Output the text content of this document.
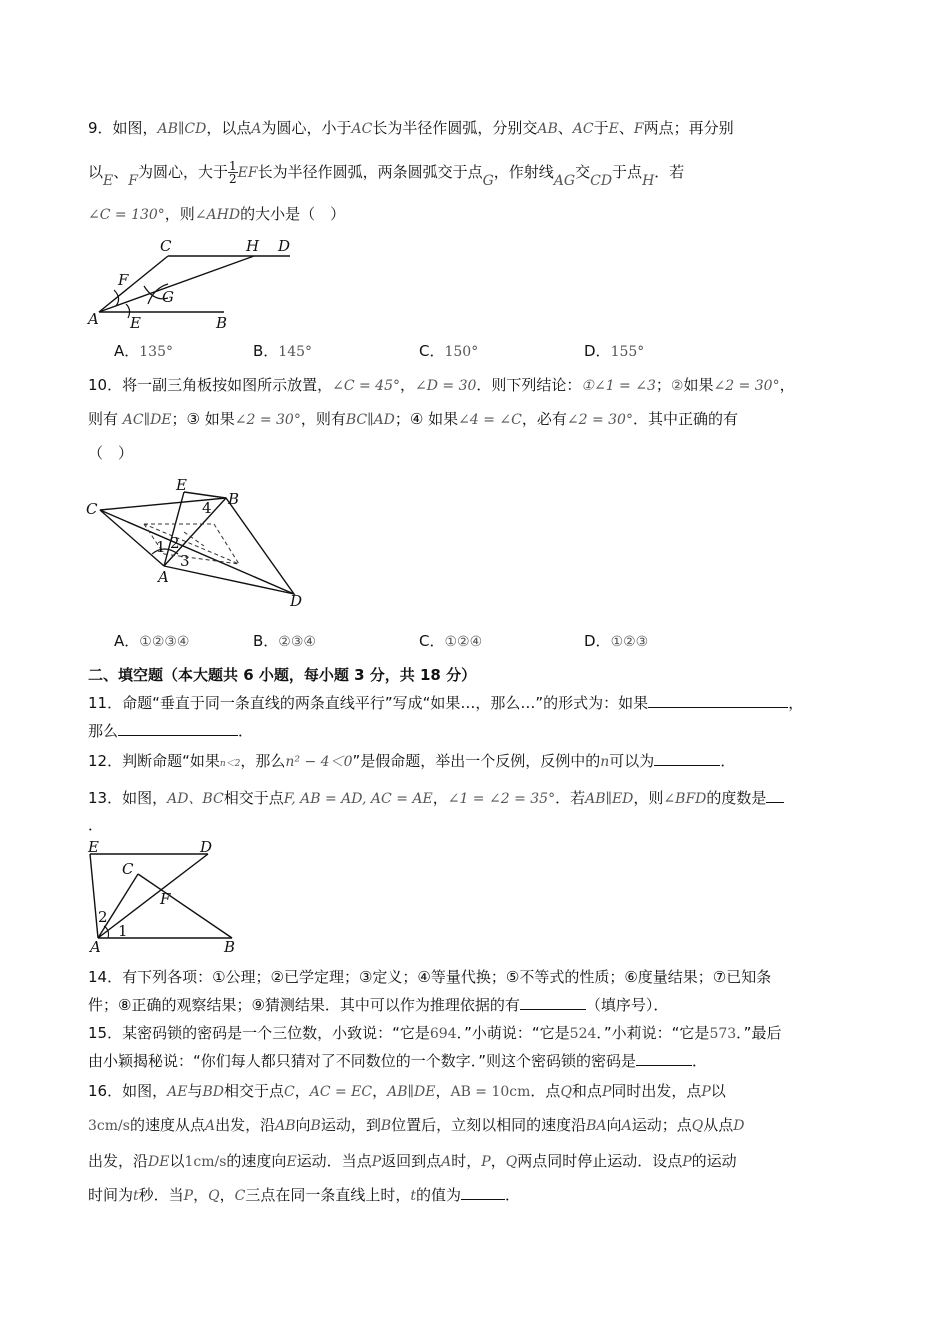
9．如图，AB∥CD，以点A为圆心，小于AC长为半径作圆弧，分别交AB、AC于E、F两点；再分别
以E、F为圆心，大于 $\frac{1}{2}$ EF长为半径作圆弧，两条圆弧交于点G，作射线AG交CD于点H．若
∠C = 130°，则∠AHD的大小是（　）
C	H D
F
G
A E	B
A．135°	B．145°	C．150°	D．155°
10．将一副三角板按如图所示放置，∠C = 45°，∠D = 30．则下列结论：①∠1 = ∠3；②如果∠2 = 30°，
则有 AC∥DE；③ 如果∠2 = 30°，则有BC∥AD；④ 如果∠4 = ∠C，必有∠2 = 30°．其中正确的有
（　）
E
B
4
C
1 2
3
A
D
A．①②③④	B．②③④	C．①②④	D．①②③
二、填空题（本大题共 6 小题，每小题 3 分，共 18 分）
11．命题“垂直于同一条直线的两条直线平行”写成“如果…，那么…”的形式为：如果	，
那么	．
12．判断命题“如果n＜2，那么n² − 4＜0”是假命题，举出一个反例，反例中的n可以为	．
13．如图，AD、BC相交于点F, AB = AD, AC = AE，∠1 = ∠2 = 35°．若AB∥ED，则∠BFD的度数是
．
E	D
C
F
2
A
1
B
14．有下列各项：①公理；②已学定理；③定义；④等量代换；⑤不等式的性质；⑥度量结果；⑦已知条
件；⑧正确的观察结果；⑨猜测结果．其中可以作为推理依据的有	（填序号）．
15．某密码锁的密码是一个三位数，小致说：“它是694．”小萌说：“它是524．”小莉说：“它是573．”最后
由小颖揭秘说：“你们每人都只猜对了不同数位的一个数字．”则这个密码锁的密码是	．
16．如图，AE与BD相交于点C，AC = EC，AB∥DE，AB = 10cm．点Q和点P同时出发，点P以
3cm/s的速度从点A出发，沿AB向B运动，到B位置后，立刻以相同的速度沿BA向A运动；点Q从点D
出发，沿DE以1cm/s的速度向E运动．当点P返回到点A时，P，Q两点同时停止运动．设点P的运动
时间为t秒．当P，Q，C三点在同一条直线上时，t的值为	．
